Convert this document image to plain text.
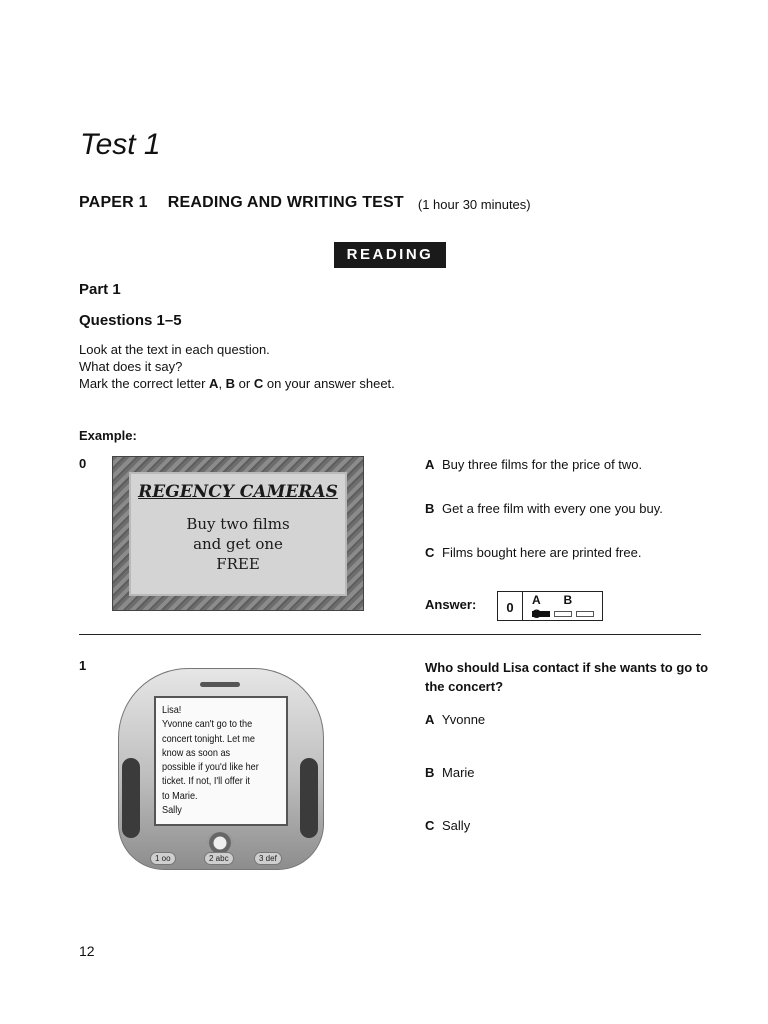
Test 1
PAPER 1 READING AND WRITING TEST (1 hour 30 minutes)
READING
Part 1
Questions 1–5
Look at the text in each question.
What does it say?
Mark the correct letter A, B or C on your answer sheet.
Example:
0
REGENCY CAMERAS
Buy two films
and get one
FREE
A Buy three films for the price of two.
B Get a free film with every one you buy.
C Films bought here are printed free.
Answer:	0	A B
1
Lisa!
Yvonne can't go to the
concert tonight. Let me
know as soon as
possible if you'd like her
ticket. If not, I'll offer it
to Marie.
Sally
1 oo	2 abc	3 def
Who should Lisa contact if she wants to go to the concert?
A Yvonne
B Marie
C Sally
12
